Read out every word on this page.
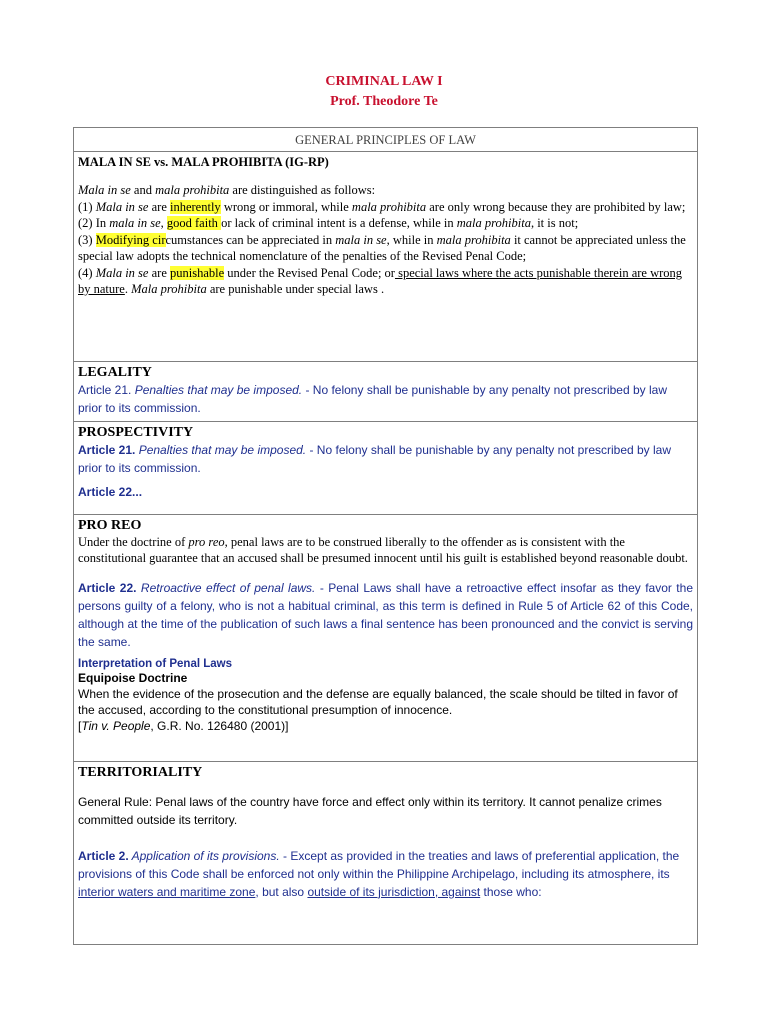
CRIMINAL LAW I
Prof. Theodore Te
GENERAL PRINCIPLES OF LAW

MALA IN SE vs. MALA PROHIBITA (IG-RP)

Mala in se and mala prohibita are distinguished as follows:

(1) Mala in se are inherently wrong or immoral, while mala prohibita are only wrong because they are prohibited by law;

(2) In mala in se, good faith or lack of criminal intent is a defense, while in mala prohibita, it is not;

(3) Modifying circumstances can be appreciated in mala in se, while in mala prohibita it cannot be appreciated unless the special law adopts the technical nomenclature of the penalties of the Revised Penal Code;

(4) Mala in se are punishable under the Revised Penal Code; or special laws where the acts punishable therein are wrong by nature. Mala prohibita are punishable under special laws .

LEGALITY

Article 21. Penalties that may be imposed. - No felony shall be punishable by any penalty not prescribed by law prior to its commission.

PROSPECTIVITY

Article 21. Penalties that may be imposed. - No felony shall be punishable by any penalty not prescribed by law prior to its commission.

Article 22...

PRO REO

Under the doctrine of pro reo, penal laws are to be construed liberally to the offender as is consistent with the constitutional guarantee that an accused shall be presumed innocent until his guilt is established beyond reasonable doubt.

Article 22. Retroactive effect of penal laws. - Penal Laws shall have a retroactive effect insofar as they favor the persons guilty of a felony, who is not a habitual criminal, as this term is defined in Rule 5 of Article 62 of this Code, although at the time of the publication of such laws a final sentence has been pronounced and the convict is serving the same.

Interpretation of Penal Laws

Equipoise Doctrine

When the evidence of the prosecution and the defense are equally balanced, the scale should be tilted in favor of the accused, according to the constitutional presumption of innocence.

[Tin v. People, G.R. No. 126480 (2001)]

TERRITORIALITY

General Rule: Penal laws of the country have force and effect only within its territory. It cannot penalize crimes committed outside its territory.

Article 2. Application of its provisions. - Except as provided in the treaties and laws of preferential application, the provisions of this Code shall be enforced not only within the Philippine Archipelago, including its atmosphere, its interior waters and maritime zone, but also outside of its jurisdiction, against those who:
